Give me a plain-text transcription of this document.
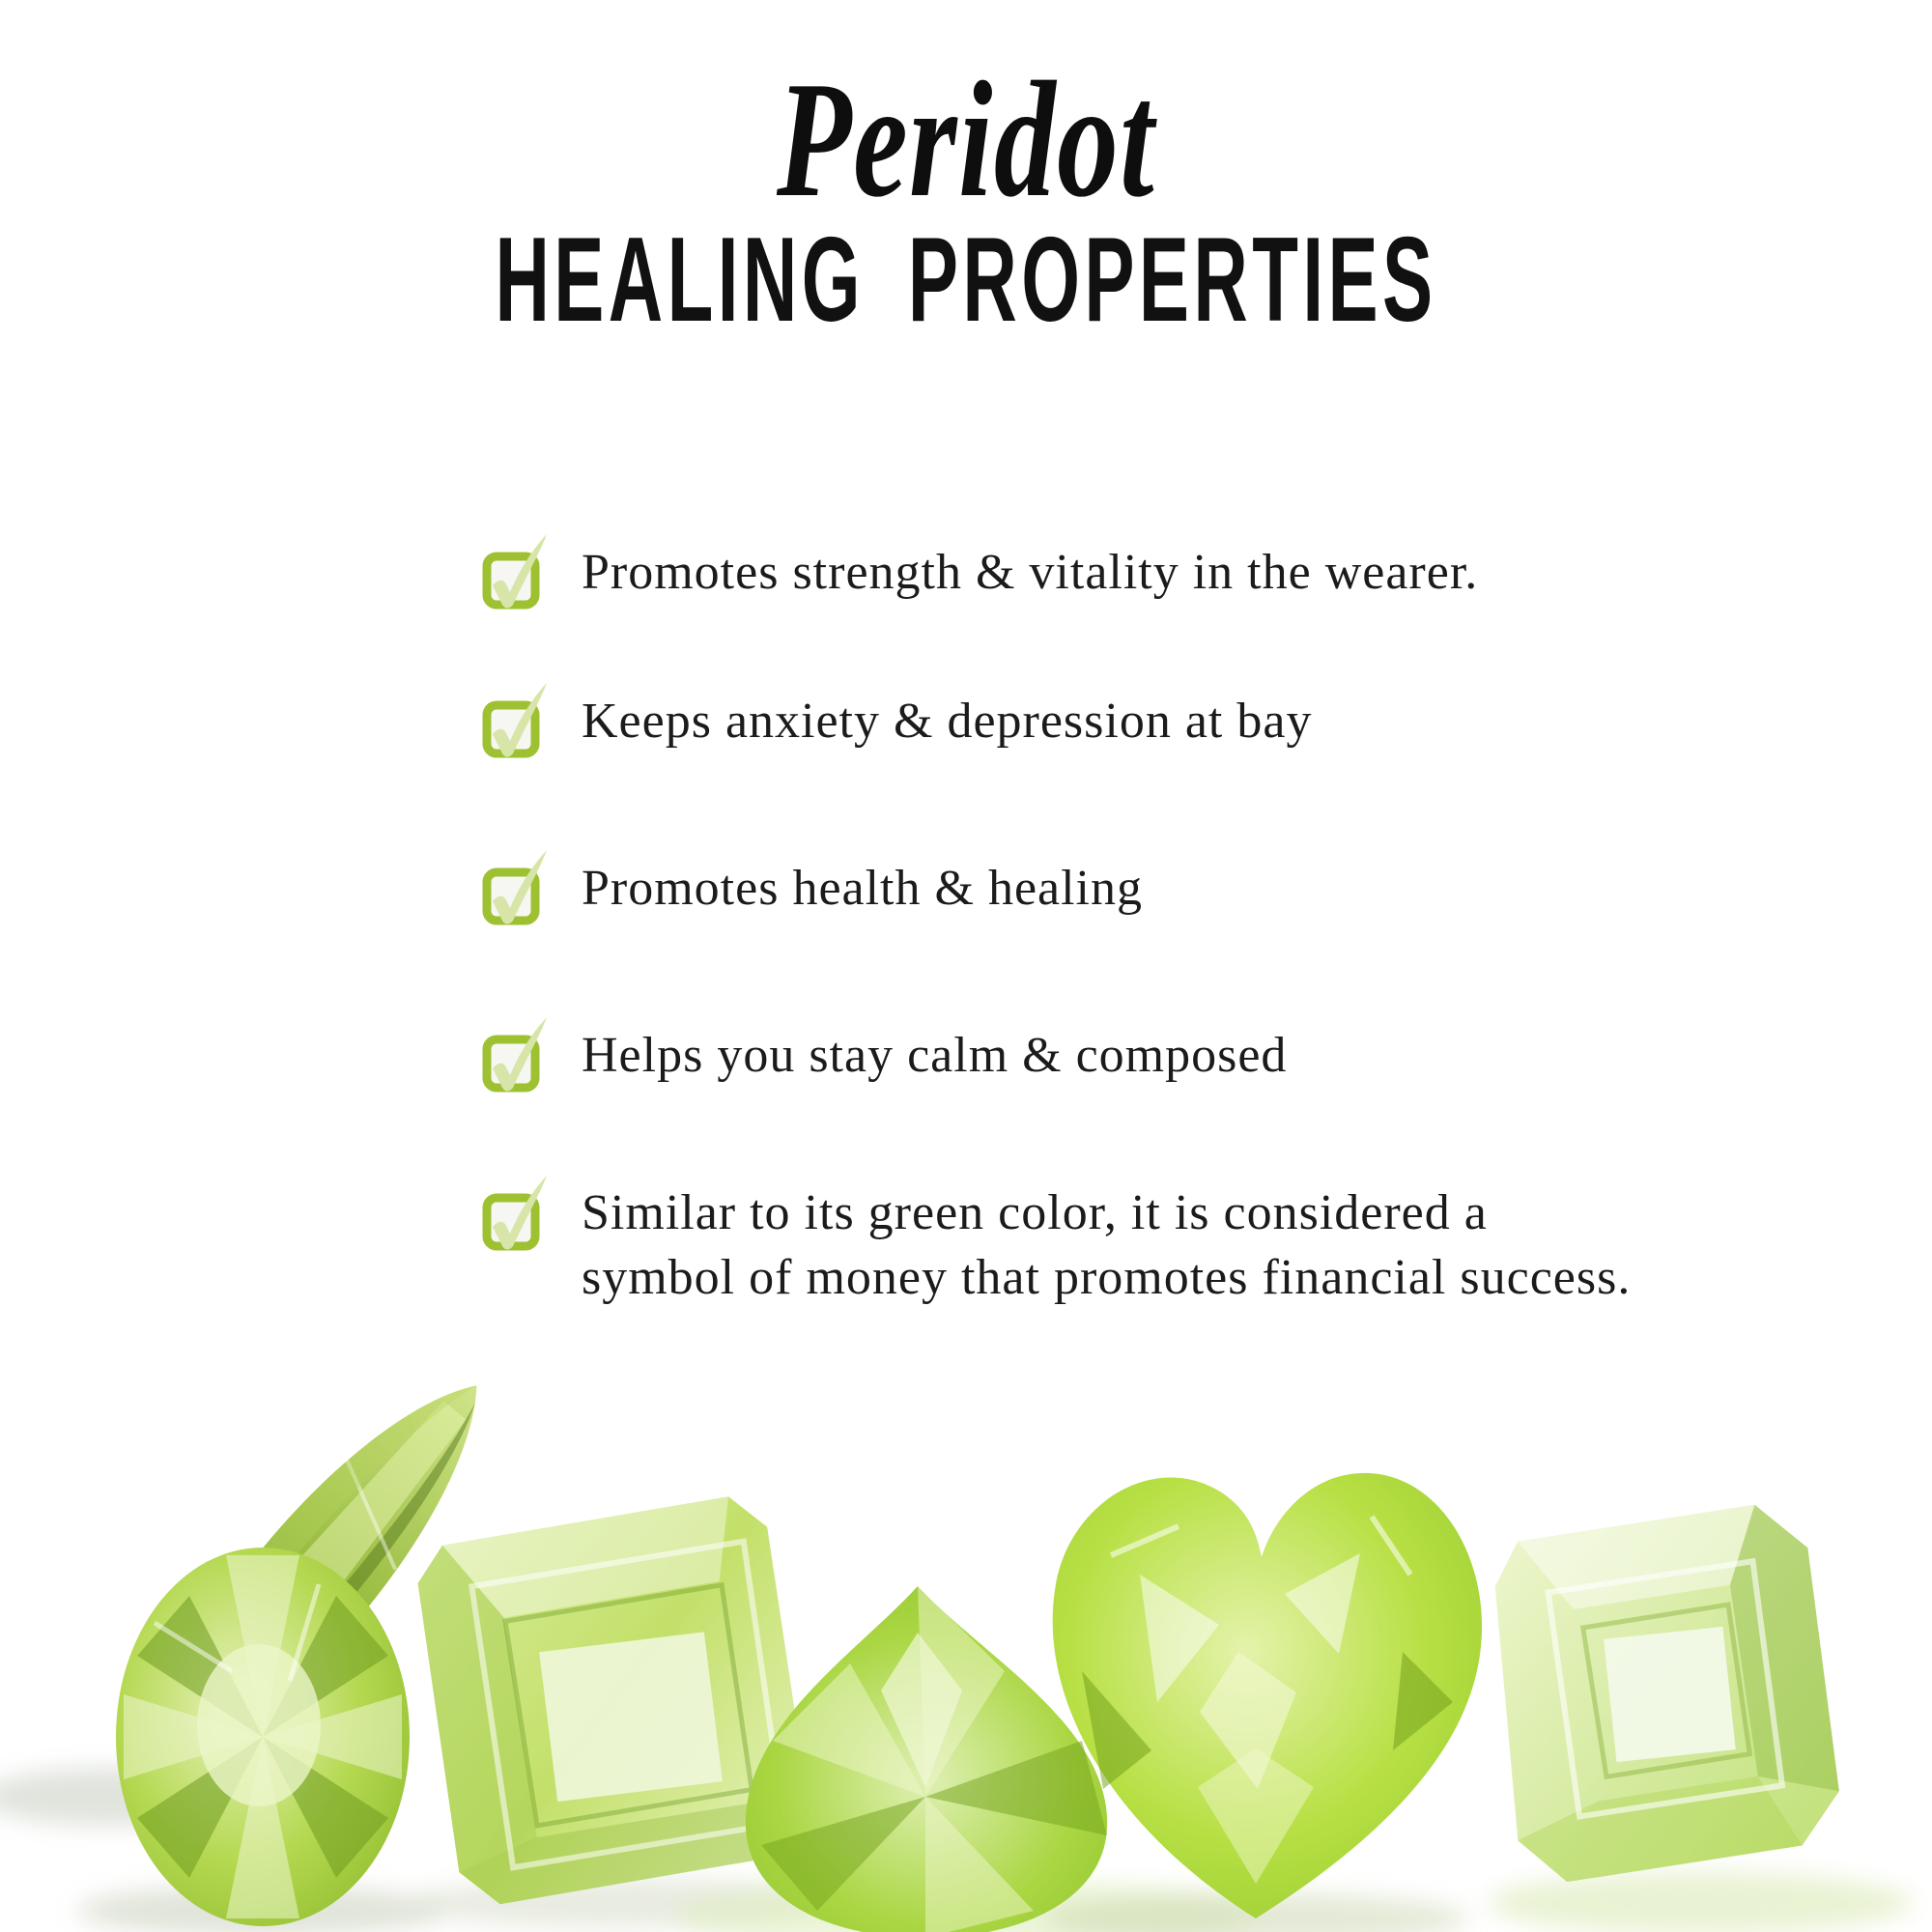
Peridot
HEALING PROPERTIES
Promotes strength & vitality in the wearer.
Keeps anxiety & depression at bay
Promotes health & healing
Helps you stay calm & composed
Similar to its green color, it is considered a
symbol of money that promotes financial success.
